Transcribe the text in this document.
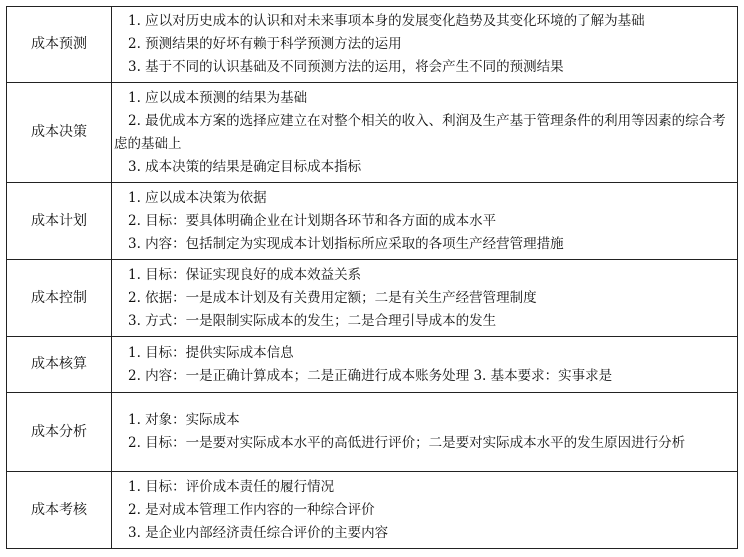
成本预测	1. 应以对历史成本的认识和对未来事项本身的发展变化趋势及其变化环境的了解为基础
2. 预测结果的好坏有赖于科学预测方法的运用
3. 基于不同的认识基础及不同预测方法的运用，将会产生不同的预测结果

成本决策	1. 应以成本预测的结果为基础
2. 最优成本方案的选择应建立在对整个相关的收入、利润及生产基于管理条件的利用等因素的综合考虑的基础上
3. 成本决策的结果是确定目标成本指标

成本计划	1. 应以成本决策为依据
2. 目标：要具体明确企业在计划期各环节和各方面的成本水平
3. 内容：包括制定为实现成本计划指标所应采取的各项生产经营管理措施

成本控制	1. 目标：保证实现良好的成本效益关系
2. 依据：一是成本计划及有关费用定额；二是有关生产经营管理制度
3. 方式：一是限制实际成本的发生；二是合理引导成本的发生

成本核算	1. 目标：提供实际成本信息
2. 内容：一是正确计算成本；二是正确进行成本账务处理 3. 基本要求：实事求是

成本分析	1. 对象：实际成本
2. 目标：一是要对实际成本水平的高低进行评价；二是要对实际成本水平的发生原因进行分析

成本考核	1. 目标：评价成本责任的履行情况
2. 是对成本管理工作内容的一种综合评价
3. 是企业内部经济责任综合评价的主要内容
